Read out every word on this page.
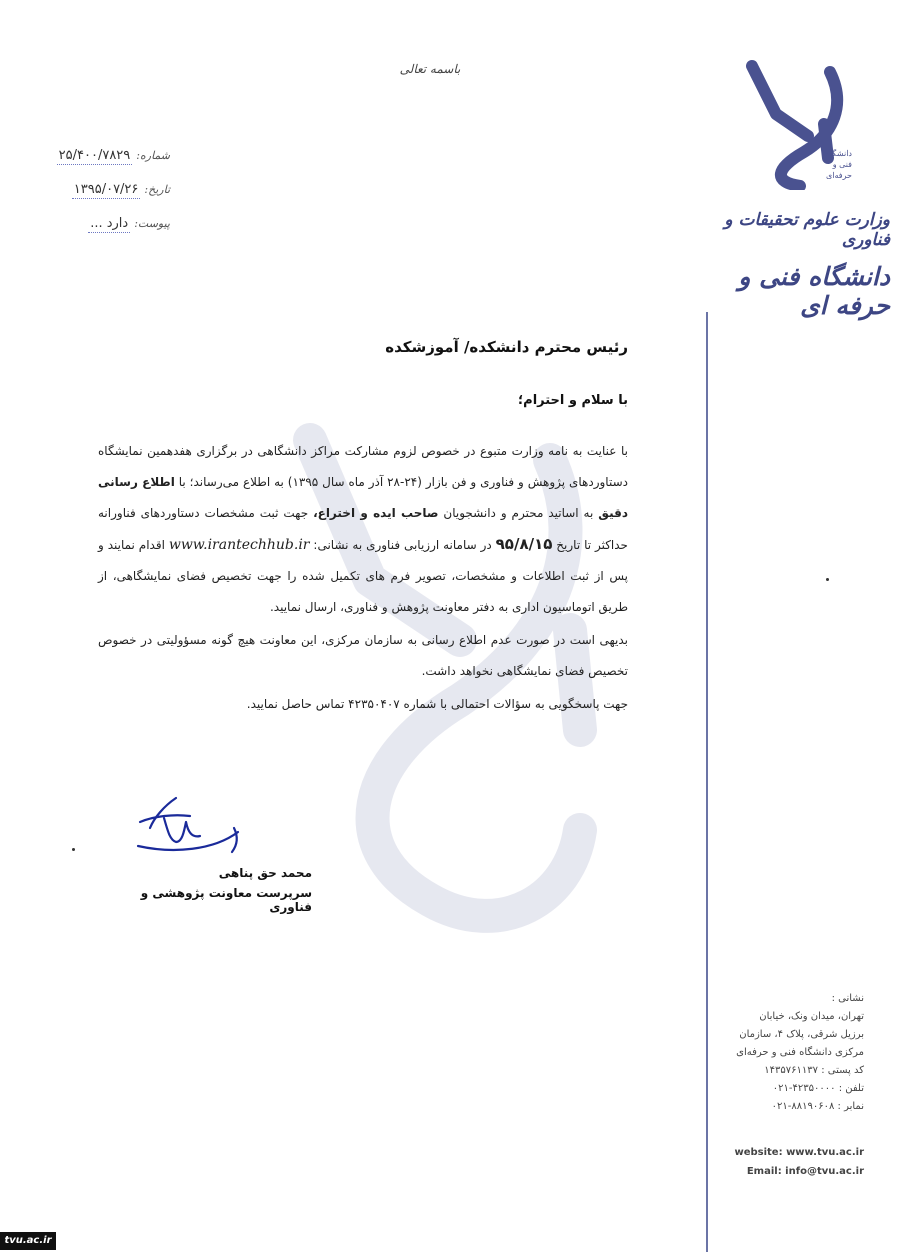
دانشگاه
فنی و حرفه‌ای
وزارت علوم تحقیقات و فناوری
دانشگاه فنی و حرفه ای
باسمه تعالی
شماره:
۲۵/۴۰۰/۷۸۲۹
تاریخ:
۱۳۹۵/۰۷/۲۶
پیوست:
دارد ...
رئیس محترم دانشکده/ آموزشکده
با سلام و احترام؛

با عنایت به نامه وزارت متبوع در خصوص لزوم مشارکت مراکز دانشگاهی در برگزاری هفدهمین نمایشگاه دستاوردهای پژوهش و فناوری و فن بازار (۲۴-۲۸ آذر ماه سال ۱۳۹۵) به اطلاع می‌رساند؛ با اطلاع رسانی دقیق به اساتید محترم و دانشجویان صاحب ایده و اختراع، جهت ثبت مشخصات دستاوردهای فناورانه حداکثر تا تاریخ ۹۵/۸/۱۵ در سامانه ارزیابی فناوری به نشانی: www.irantechhub.ir اقدام نمایند و پس از ثبت اطلاعات و مشخصات، تصویر فرم های تکمیل شده را جهت تخصیص فضای نمایشگاهی، از طریق اتوماسیون اداری به دفتر معاونت پژوهش و فناوری، ارسال نمایید.

بدیهی است در صورت عدم اطلاع رسانی به سازمان مرکزی، این معاونت هیچ گونه مسؤولیتی در خصوص تخصیص فضای نمایشگاهی نخواهد داشت.

جهت پاسخگویی به سؤالات احتمالی با شماره ۴۲۳۵۰۴۰۷ تماس حاصل نمایید.

محمد حق پناهی
سرپرست معاونت پژوهشی و فناوری
نشانی :
تهران، میدان ونک، خیابان
برزیل شرقی، پلاک ۴، سازمان
مرکزی دانشگاه فنی و حرفه‌ای
کد پستی : ۱۴۳۵۷۶۱۱۳۷
تلفن : ۰۲۱-۴۲۳۵۰۰۰۰
نمابر : ۰۲۱-۸۸۱۹۰۶۰۸
website: www.tvu.ac.ir
Email: info@tvu.ac.ir
tvu.ac.ir
